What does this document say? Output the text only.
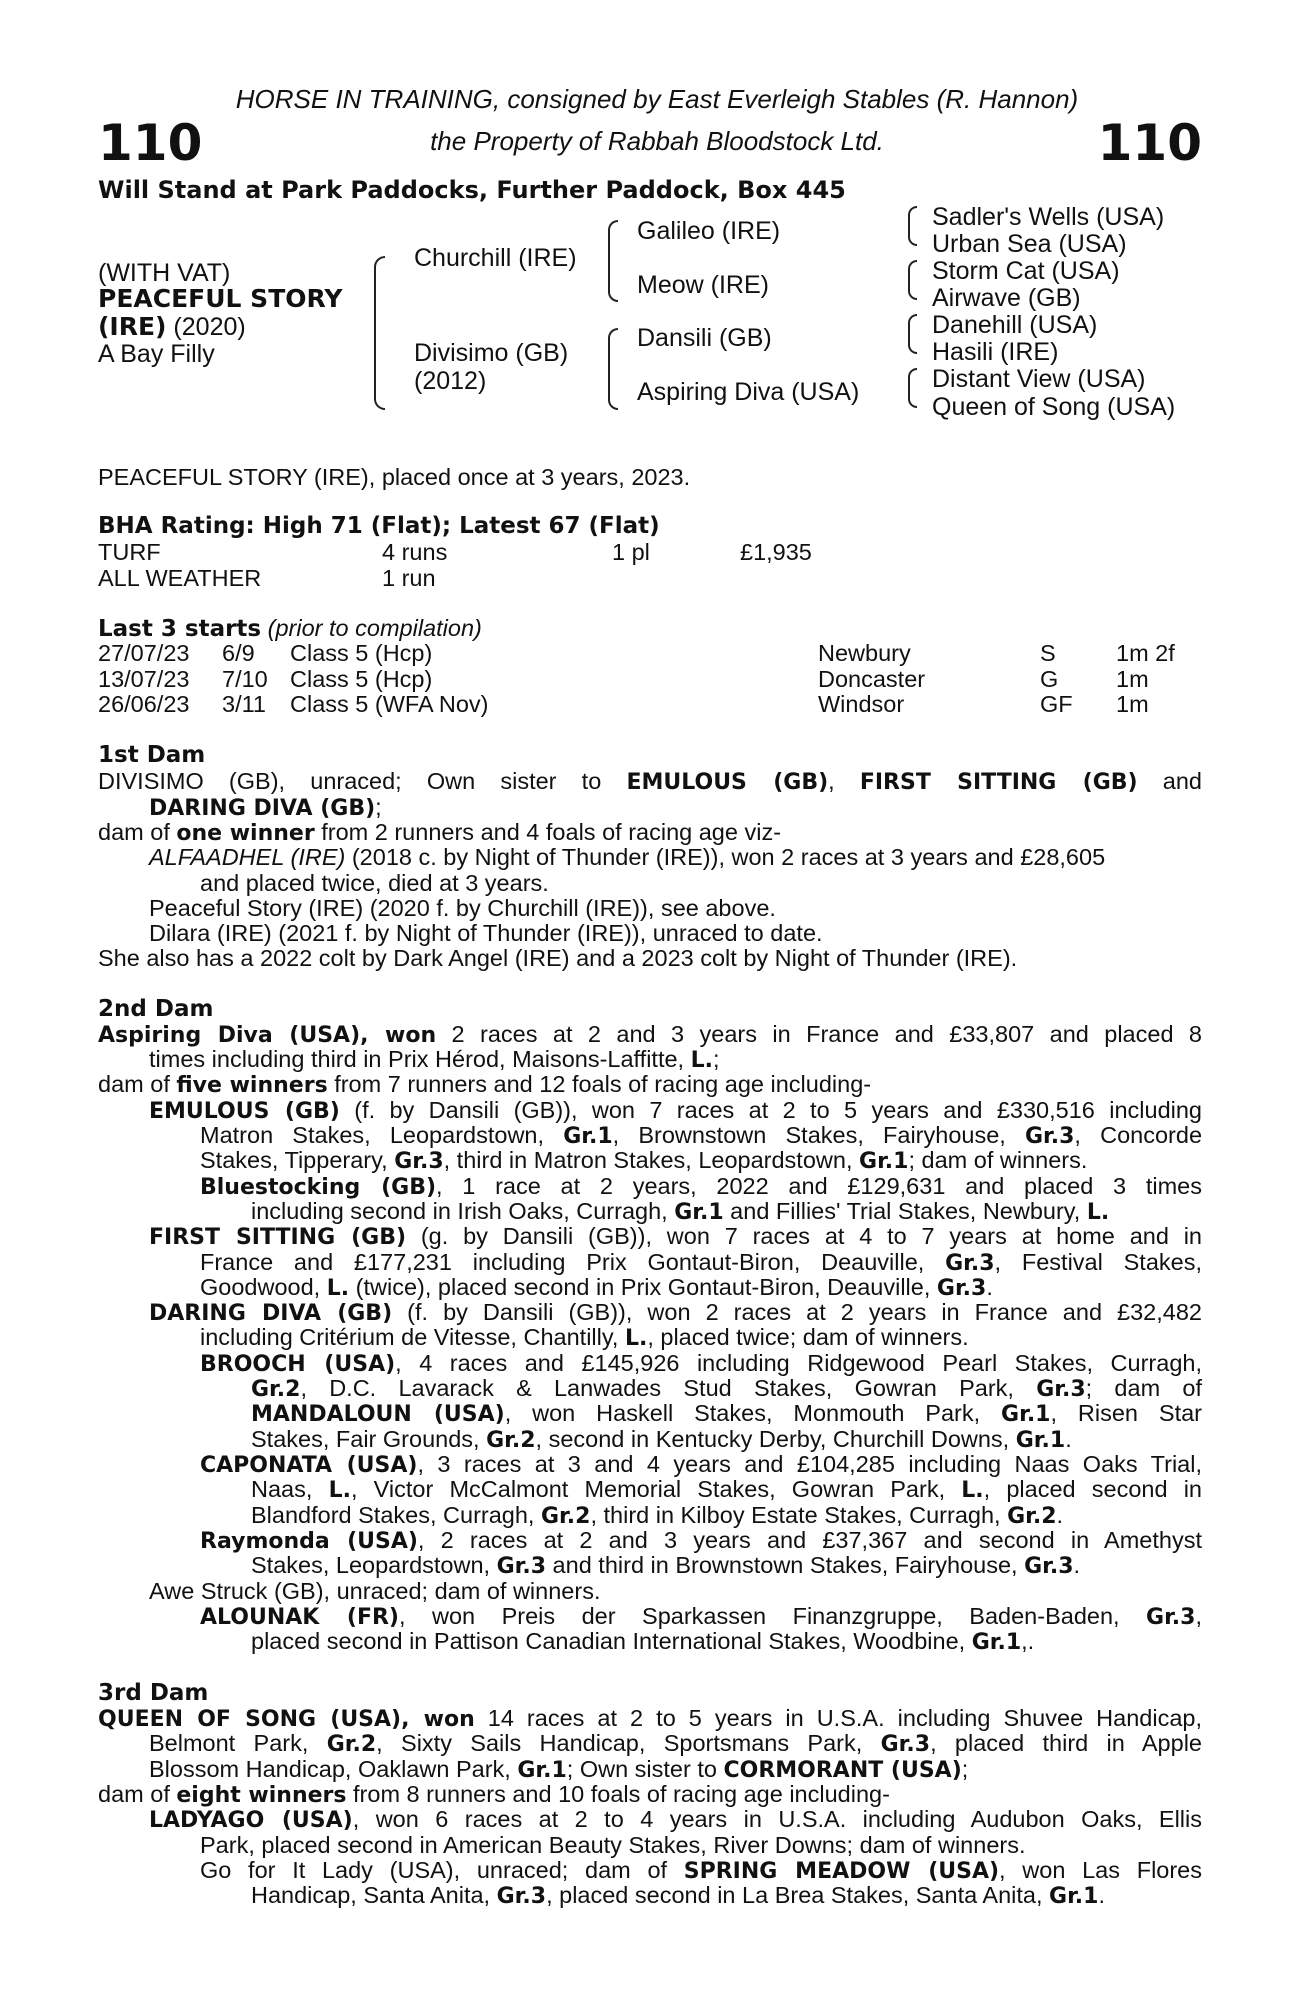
110	110
HORSE IN TRAINING, consigned by East Everleigh Stables (R. Hannon)
the Property of Rabbah Bloodstock Ltd.
Will Stand at Park Paddocks, Further Paddock, Box 445
(WITH VAT)
PEACEFUL STORY
(IRE) (2020)
A Bay Filly
Churchill (IRE)
Divisimo (GB)
(2012)
Galileo (IRE)
Meow (IRE)
Dansili (GB)
Aspiring Diva (USA)
Sadler's Wells (USA)
Urban Sea (USA)
Storm Cat (USA)
Airwave (GB)
Danehill (USA)
Hasili (IRE)
Distant View (USA)
Queen of Song (USA)
PEACEFUL STORY (IRE), placed once at 3 years, 2023.
BHA Rating: High 71 (Flat); Latest 67 (Flat)
TURF	4 runs	1 pl	£1,935
ALL WEATHER	1 run
Last 3 starts (prior to compilation)
27/07/23 6/9 Class 5 (Hcp)	Newbury	S	1m 2f
13/07/23 7/10 Class 5 (Hcp)	Doncaster	G 1m
26/06/23 3/11 Class 5 (WFA Nov)	Windsor	GF 1m
1st Dam
DIVISIMO (GB), unraced; Own sister to EMULOUS (GB), FIRST SITTING (GB) and
DARING DIVA (GB);
dam of one winner from 2 runners and 4 foals of racing age viz-
ALFAADHEL (IRE) (2018 c. by Night of Thunder (IRE)), won 2 races at 3 years and £28,605
and placed twice, died at 3 years.
Peaceful Story (IRE) (2020 f. by Churchill (IRE)), see above.
Dilara (IRE) (2021 f. by Night of Thunder (IRE)), unraced to date.
She also has a 2022 colt by Dark Angel (IRE) and a 2023 colt by Night of Thunder (IRE).
2nd Dam
Aspiring Diva (USA), won 2 races at 2 and 3 years in France and £33,807 and placed 8
times including third in Prix Hérod, Maisons-Laffitte, L.;
dam of five winners from 7 runners and 12 foals of racing age including-
EMULOUS (GB) (f. by Dansili (GB)), won 7 races at 2 to 5 years and £330,516 including
Matron Stakes, Leopardstown, Gr.1, Brownstown Stakes, Fairyhouse, Gr.3, Concorde
Stakes, Tipperary, Gr.3, third in Matron Stakes, Leopardstown, Gr.1; dam of winners.
Bluestocking (GB), 1 race at 2 years, 2022 and £129,631 and placed 3 times
including second in Irish Oaks, Curragh, Gr.1 and Fillies' Trial Stakes, Newbury, L.
FIRST SITTING (GB) (g. by Dansili (GB)), won 7 races at 4 to 7 years at home and in
France and £177,231 including Prix Gontaut-Biron, Deauville, Gr.3, Festival Stakes,
Goodwood, L. (twice), placed second in Prix Gontaut-Biron, Deauville, Gr.3.
DARING DIVA (GB) (f. by Dansili (GB)), won 2 races at 2 years in France and £32,482
including Critérium de Vitesse, Chantilly, L., placed twice; dam of winners.
BROOCH (USA), 4 races and £145,926 including Ridgewood Pearl Stakes, Curragh,
Gr.2, D.C. Lavarack & Lanwades Stud Stakes, Gowran Park, Gr.3; dam of
MANDALOUN (USA), won Haskell Stakes, Monmouth Park, Gr.1, Risen Star
Stakes, Fair Grounds, Gr.2, second in Kentucky Derby, Churchill Downs, Gr.1.
CAPONATA (USA), 3 races at 3 and 4 years and £104,285 including Naas Oaks Trial,
Naas, L., Victor McCalmont Memorial Stakes, Gowran Park, L., placed second in
Blandford Stakes, Curragh, Gr.2, third in Kilboy Estate Stakes, Curragh, Gr.2.
Raymonda (USA), 2 races at 2 and 3 years and £37,367 and second in Amethyst
Stakes, Leopardstown, Gr.3 and third in Brownstown Stakes, Fairyhouse, Gr.3.
Awe Struck (GB), unraced; dam of winners.
ALOUNAK (FR), won Preis der Sparkassen Finanzgruppe, Baden-Baden, Gr.3,
placed second in Pattison Canadian International Stakes, Woodbine, Gr.1,.
3rd Dam
QUEEN OF SONG (USA), won 14 races at 2 to 5 years in U.S.A. including Shuvee Handicap,
Belmont Park, Gr.2, Sixty Sails Handicap, Sportsmans Park, Gr.3, placed third in Apple
Blossom Handicap, Oaklawn Park, Gr.1; Own sister to CORMORANT (USA);
dam of eight winners from 8 runners and 10 foals of racing age including-
LADYAGO (USA), won 6 races at 2 to 4 years in U.S.A. including Audubon Oaks, Ellis
Park, placed second in American Beauty Stakes, River Downs; dam of winners.
Go for It Lady (USA), unraced; dam of SPRING MEADOW (USA), won Las Flores
Handicap, Santa Anita, Gr.3, placed second in La Brea Stakes, Santa Anita, Gr.1.
